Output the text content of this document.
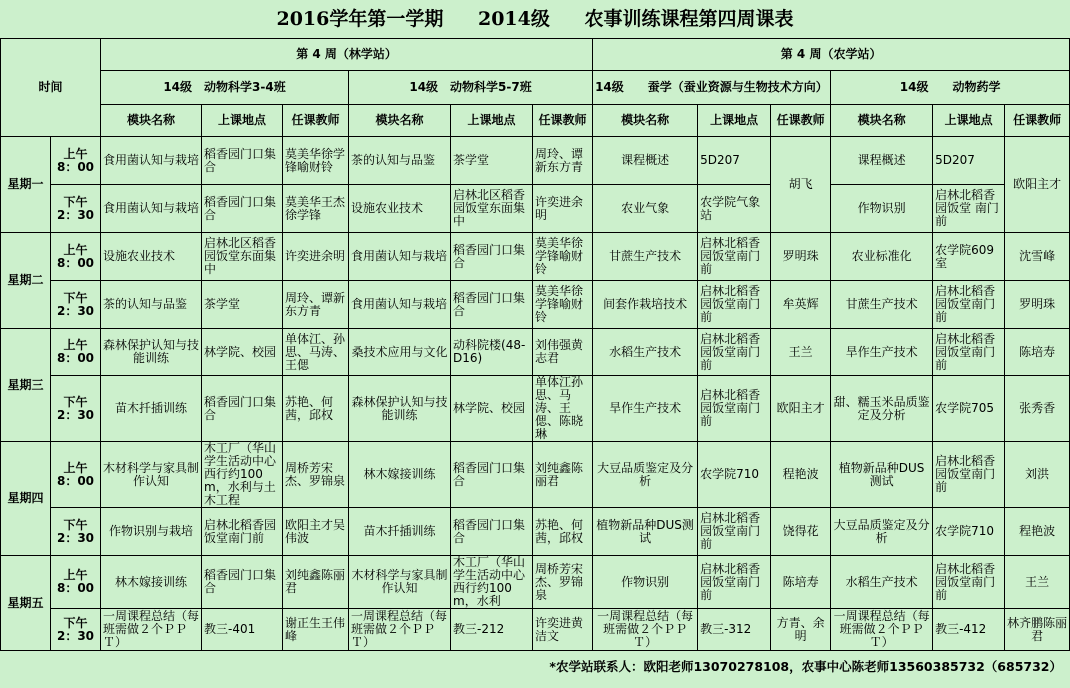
2016学年第一学期 2014级 农事训练课程第四周课表
时间		第 4 周（林学站）						第 4 周（农学站）					
		14级　动物科学3-4班			14级　动物科学5-7班			14级　　蚕学（蚕业资源与生物技术方向）			14级　　动物药学		
		模块名称	上课地点	任课教师	模块名称	上课地点	任课教师	模块名称	上课地点	任课教师	模块名称	上课地点	任课教师
星期一	上午 8：00	食用菌认知与栽培	稻香园门口集合	莫美华徐学锋喻财铃	茶的认知与品鉴	茶学堂	周玲、谭新东方青	课程概述	5D207	胡飞	课程概述	5D207	欧阳主才
	下午 2：30	食用菌认知与栽培	稻香园门口集合	莫美华王杰　徐学锋	设施农业技术	启林北区稻香园饭堂东面集中	许奕进余明	农业气象	农学院气象站		作物识别	启林北稻香园饭堂 南门前	
星期二	上午 8：00	设施农业技术	启林北区稻香园饭堂东面集中	许奕进余明	食用菌认知与栽培	稻香园门口集合	莫美华徐学锋喻财铃	甘蔗生产技术	启林北稻香园饭堂南门前	罗明珠	农业标准化	农学院609室	沈雪峰
	下午 2：30	茶的认知与品鉴	茶学堂	周玲、谭新东方青	食用菌认知与栽培	稻香园门口集合	莫美华徐学锋喻财铃	间套作栽培技术	启林北稻香园饭堂南门前	牟英辉	甘蔗生产技术	启林北稻香园饭堂南门前	罗明珠
星期三	上午 8：00	森林保护认知与技能训练	林学院、校园	单体江、孙思、马涛、王偲	桑技术应用与文化	动科院楼(48-D16)	刘伟强黄志君	水稻生产技术	启林北稻香园饭堂南门前	王兰	旱作生产技术	启林北稻香园饭堂南门前	陈培寿
	下午 2：30	苗木扦插训练	稻香园门口集合	苏艳、何茜，邱权	森林保护认知与技能训练	林学院、校园	单体江孙思、马涛、王偲、陈晓琳	旱作生产技术	启林北稻香园饭堂南门前	欧阳主才	甜、糯玉米品质鉴定及分析	农学院705	张秀香
星期四	上午 8：00	木材科学与家具制作认知	木工厂（华山学生活动中心西行约100m，水利与土木工程	周桥芳宋杰、罗锦泉	林木嫁接训练	稻香园门口集合	刘纯鑫陈丽君	大豆品质鉴定及分析	农学院710	程艳波	植物新品种DUS测试	启林北稻香园饭堂南门前	刘洪
	下午 2：30	作物识别与栽培	启林北稻香园饭堂南门前	欧阳主才吴伟波	苗木扦插训练	稻香园门口集合	苏艳、何茜，邱权	植物新品种DUS测试	启林北稻香园饭堂南门前	饶得花	大豆品质鉴定及分析	农学院710	程艳波
星期五	上午 8：00	林木嫁接训练	稻香园门口集合	刘纯鑫陈丽君	木材科学与家具制作认知	木工厂（华山学生活动中心西行约100m，水利	周桥芳宋杰、罗锦泉	作物识别	启林北稻香园饭堂南门前	陈培寿	水稻生产技术	启林北稻香园饭堂南门前	王兰
	下午 2：30	一周课程总结（每班需做２个ＰＰＴ）	教三-401	谢正生王伟峰	一周课程总结（每班需做２个ＰＰＴ）	教三-212	许奕进黄洁文	一周课程总结（每班需做２个ＰＰＴ）	教三-312	方青、余明	一周课程总结（每班需做２个ＰＰＴ）	教三-412	林齐鹏陈丽君
*农学站联系人：欧阳老师13070278108，农事中心陈老师13560385732（685732）
